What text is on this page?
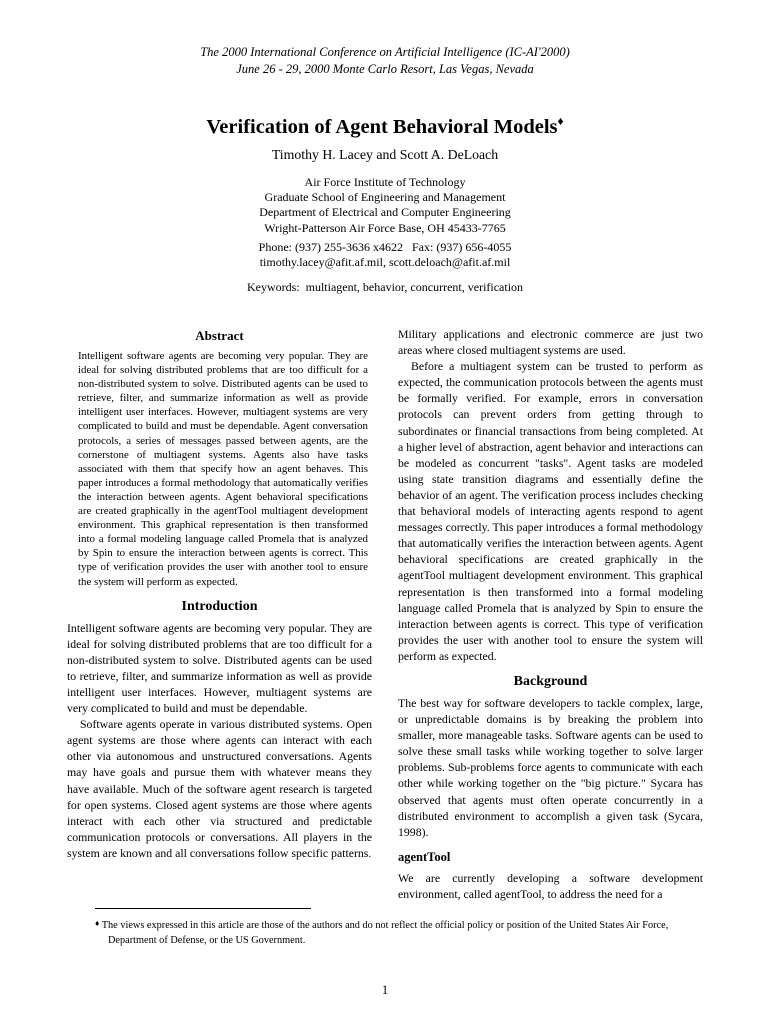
The 2000 International Conference on Artificial Intelligence (IC-AI'2000)
June 26 - 29, 2000 Monte Carlo Resort, Las Vegas, Nevada
Verification of Agent Behavioral Models♦
Timothy H. Lacey and Scott A. DeLoach
Air Force Institute of Technology
Graduate School of Engineering and Management
Department of Electrical and Computer Engineering
Wright-Patterson Air Force Base, OH 45433-7765
Phone: (937) 255-3636 x4622   Fax: (937) 656-4055
timothy.lacey@afit.af.mil, scott.deloach@afit.af.mil
Keywords:  multiagent, behavior, concurrent, verification
Abstract

Intelligent software agents are becoming very popular. They are ideal for solving distributed problems that are too difficult for a non-distributed system to solve. Distributed agents can be used to retrieve, filter, and summarize information as well as provide intelligent user interfaces. However, multiagent systems are very complicated to build and must be dependable. Agent conversation protocols, a series of messages passed between agents, are the cornerstone of multiagent systems. Agents also have tasks associated with them that specify how an agent behaves. This paper introduces a formal methodology that automatically verifies the interaction between agents. Agent behavioral specifications are created graphically in the agentTool multiagent development environment. This graphical representation is then transformed into a formal modeling language called Promela that is analyzed by Spin to ensure the interaction between agents is correct. This type of verification provides the user with another tool to ensure the system will perform as expected.

Introduction

Intelligent software agents are becoming very popular. They are ideal for solving distributed problems that are too difficult for a non-distributed system to solve. Distributed agents can be used to retrieve, filter, and summarize information as well as provide intelligent user interfaces. However, multiagent systems are very complicated to build and must be dependable.

Software agents operate in various distributed systems. Open agent systems are those where agents can interact with each other via autonomous and unstructured conversations. Agents may have goals and pursue them with whatever means they have available. Much of the software agent research is targeted for open systems. Closed agent systems are those where agents interact with each other via structured and predictable communication protocols or conversations. All players in the system are known and all conversations follow specific patterns.

Military applications and electronic commerce are just two areas where closed multiagent systems are used.

Before a multiagent system can be trusted to perform as expected, the communication protocols between the agents must be formally verified. For example, errors in conversation protocols can prevent orders from getting through to subordinates or financial transactions from being completed. At a higher level of abstraction, agent behavior and interactions can be modeled as concurrent "tasks". Agent tasks are modeled using state transition diagrams and essentially define the behavior of an agent. The verification process includes checking that behavioral models of interacting agents respond to agent messages correctly. This paper introduces a formal methodology that automatically verifies the interaction between agents. Agent behavioral specifications are created graphically in the agentTool multiagent development environment. This graphical representation is then transformed into a formal modeling language called Promela that is analyzed by Spin to ensure the interaction between agents is correct. This type of verification provides the user with another tool to ensure the system will perform as expected.

Background

The best way for software developers to tackle complex, large, or unpredictable domains is by breaking the problem into smaller, more manageable tasks. Software agents can be used to solve these small tasks while working together to solve larger problems. Sub-problems force agents to communicate with each other while working together on the "big picture." Sycara has observed that agents must often operate concurrently in a distributed environment to accomplish a given task (Sycara, 1998).

agentTool

We are currently developing a software development environment, called agentTool, to address the need for a

♦ The views expressed in this article are those of the authors and do not reflect the official policy or position of the United States Air Force, Department of Defense, or the US Government.
1
